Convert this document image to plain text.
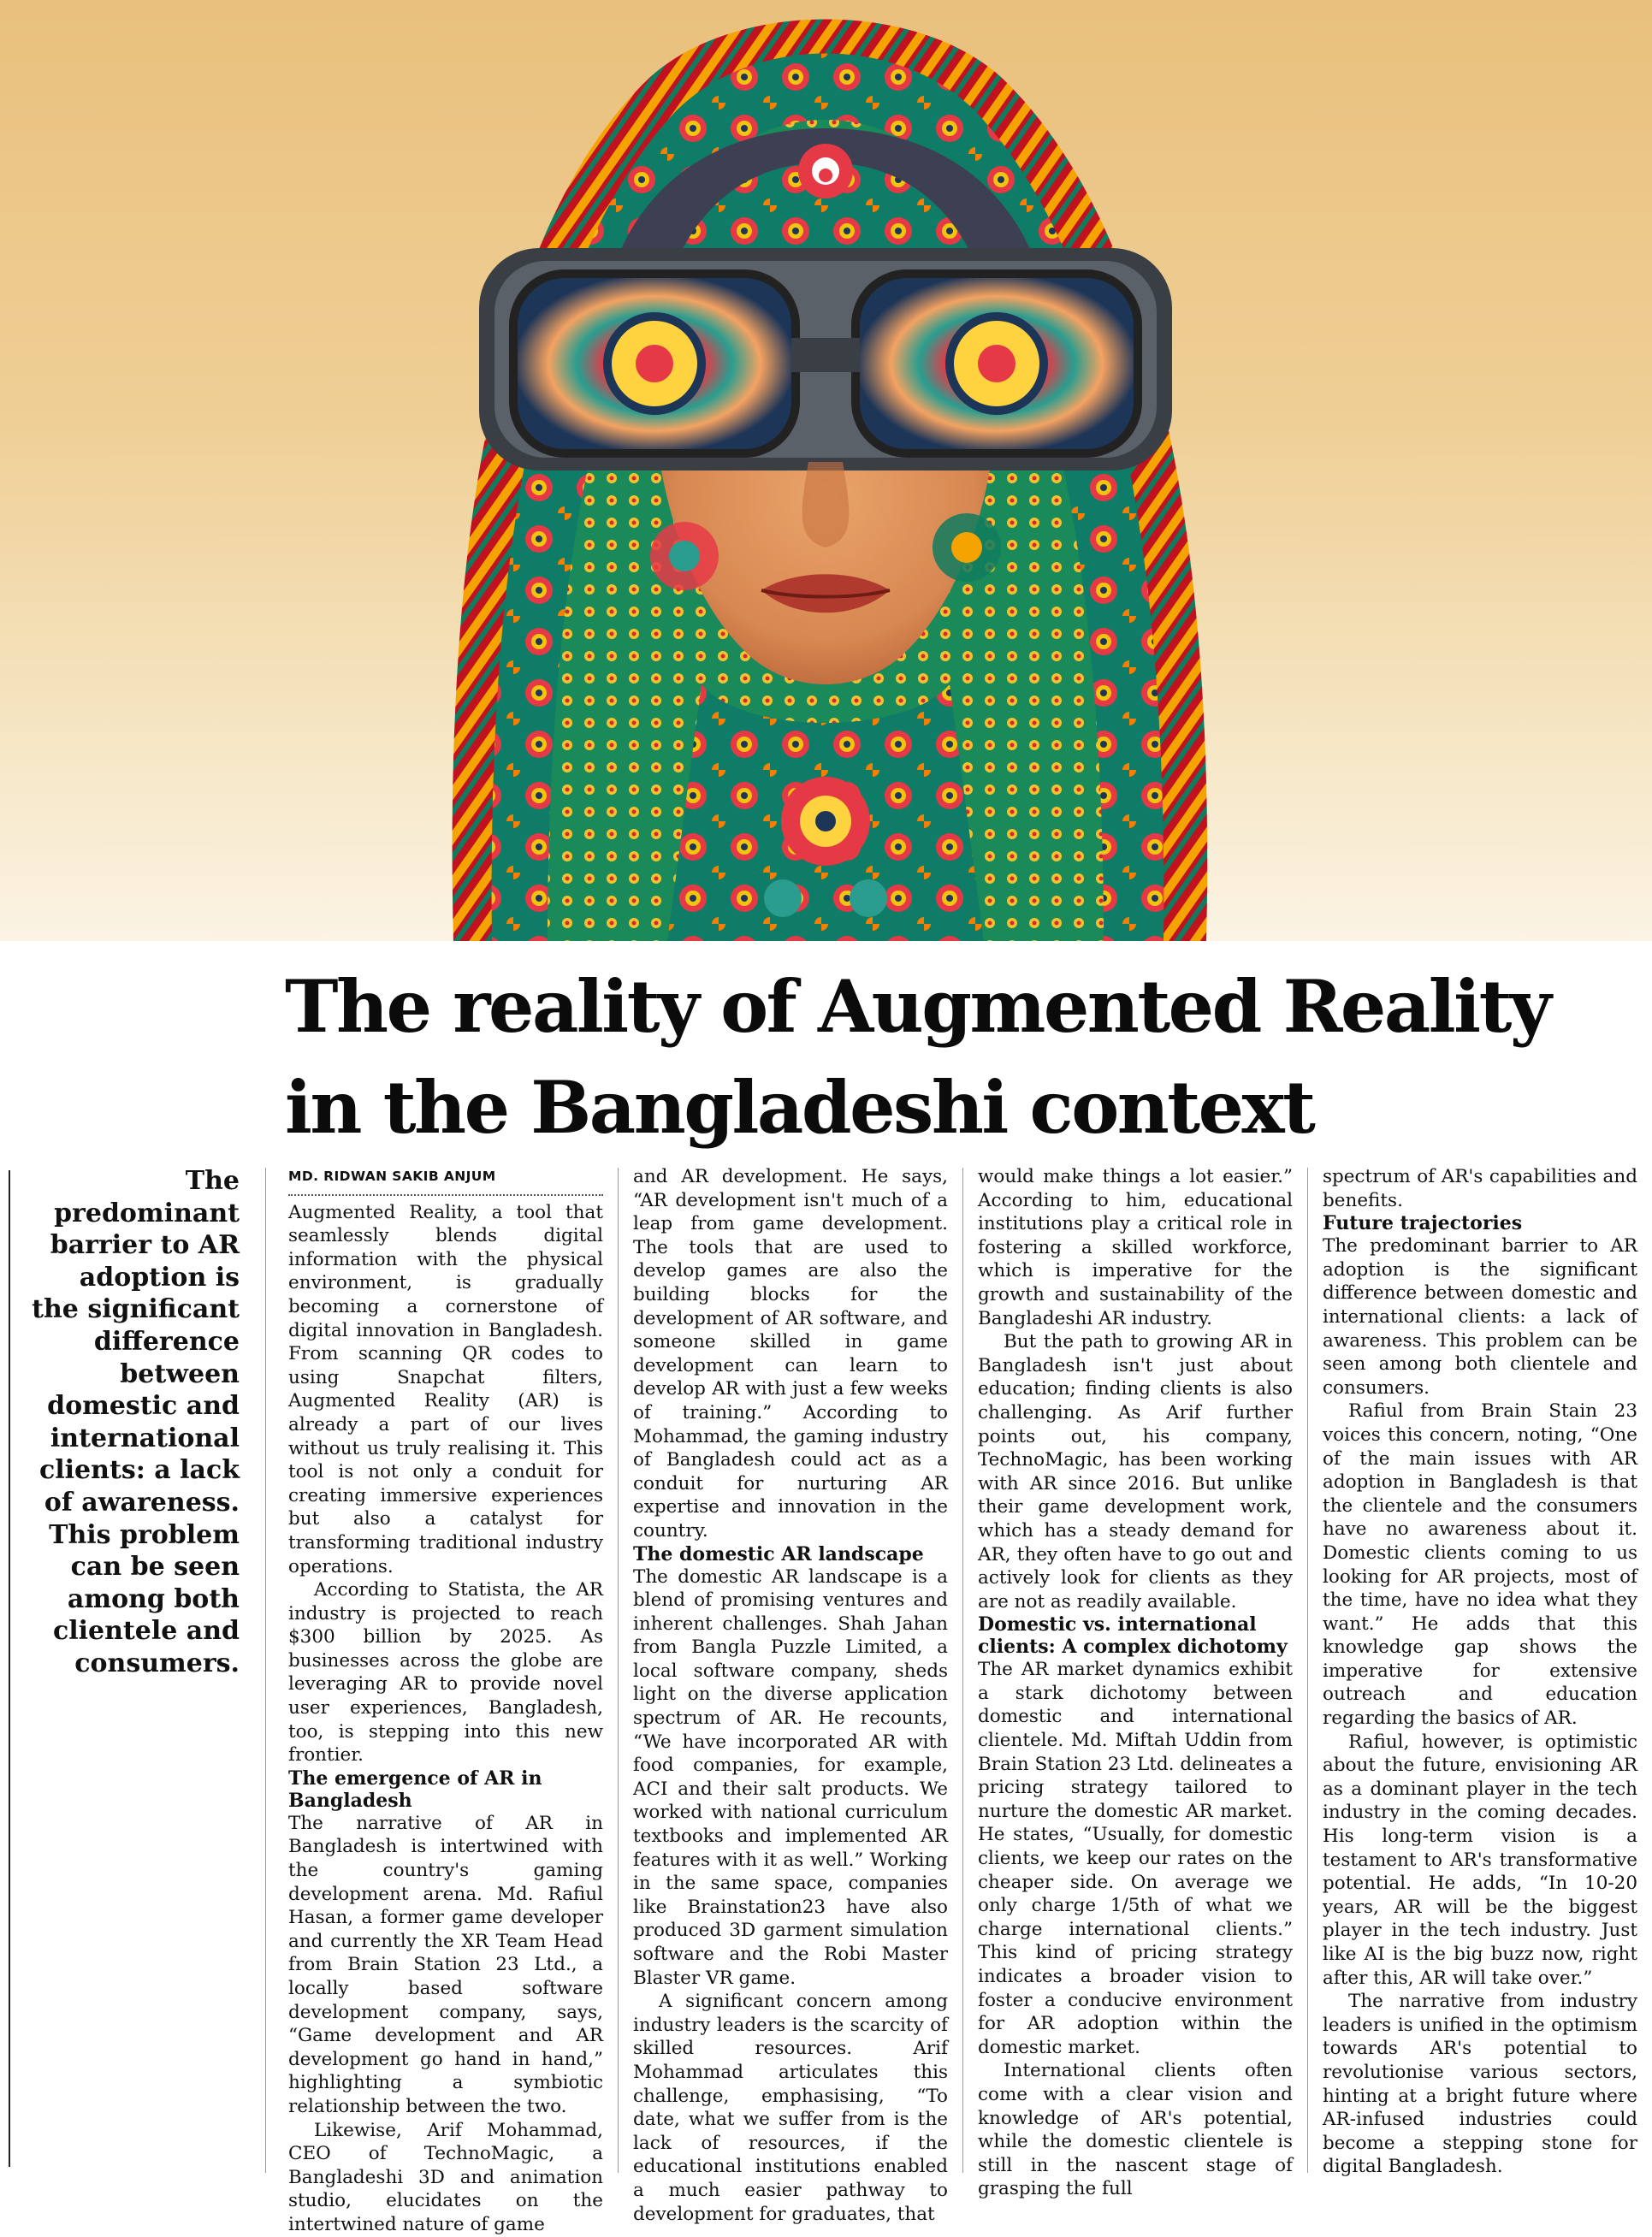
The reality of Augmented Reality
in the Bangladeshi context
The
predominant
barrier to AR
adoption is
the significant
difference
between
domestic and
international
clients: a lack
of awareness.
This problem
can be seen
among both
clientele and
consumers.
MD. RIDWAN SAKIB ANJUM

Augmented Reality, a tool that seamlessly blends digital information with the physical environment, is gradually becoming a cornerstone of digital innovation in Bangladesh. From scanning QR codes to using Snapchat filters, Augmented Reality (AR) is already a part of our lives without us truly realising it. This tool is not only a conduit for creating immersive experiences but also a catalyst for transforming traditional industry operations.

According to Statista, the AR industry is projected to reach $300 billion by 2025. As businesses across the globe are leveraging AR to provide novel user experiences, Bangladesh, too, is stepping into this new frontier.

The emergence of AR in Bangladesh

The narrative of AR in Bangladesh is intertwined with the country's gaming development arena. Md. Rafiul Hasan, a former game developer and currently the XR Team Head from Brain Station 23 Ltd., a locally based software development company, says, “Game development and AR development go hand in hand,” highlighting a symbiotic relationship between the two.

Likewise, Arif Mohammad, CEO of TechnoMagic, a Bangladeshi 3D and animation studio, elucidates on the intertwined nature of game

and AR development. He says, “AR development isn't much of a leap from game development. The tools that are used to develop games are also the building blocks for the development of AR software, and someone skilled in game development can learn to develop AR with just a few weeks of training.” According to Mohammad, the gaming industry of Bangladesh could act as a conduit for nurturing AR expertise and innovation in the country.

The domestic AR landscape

The domestic AR landscape is a blend of promising ventures and inherent challenges. Shah Jahan from Bangla Puzzle Limited, a local software company, sheds light on the diverse application spectrum of AR. He recounts, “We have incorporated AR with food companies, for example, ACI and their salt products. We worked with national curriculum textbooks and implemented AR features with it as well.” Working in the same space, companies like Brainstation23 have also produced 3D garment simulation software and the Robi Master Blaster VR game.

A significant concern among industry leaders is the scarcity of skilled resources. Arif Mohammad articulates this challenge, emphasising, “To date, what we suffer from is the lack of resources, if the educational institutions enabled a much easier pathway to development for graduates, that

would make things a lot easier.” According to him, educational institutions play a critical role in fostering a skilled workforce, which is imperative for the growth and sustainability of the Bangladeshi AR industry.

But the path to growing AR in Bangladesh isn't just about education; finding clients is also challenging. As Arif further points out, his company, TechnoMagic, has been working with AR since 2016. But unlike their game development work, which has a steady demand for AR, they often have to go out and actively look for clients as they are not as readily available.

Domestic vs. international clients: A complex dichotomy

The AR market dynamics exhibit a stark dichotomy between domestic and international clientele. Md. Miftah Uddin from Brain Station 23 Ltd. delineates a pricing strategy tailored to nurture the domestic AR market. He states, “Usually, for domestic clients, we keep our rates on the cheaper side. On average we only charge 1/5th of what we charge international clients.” This kind of pricing strategy indicates a broader vision to foster a conducive environment for AR adoption within the domestic market.

International clients often come with a clear vision and knowledge of AR's potential, while the domestic clientele is still in the nascent stage of grasping the full

spectrum of AR's capabilities and benefits.

Future trajectories

The predominant barrier to AR adoption is the significant difference between domestic and international clients: a lack of awareness. This problem can be seen among both clientele and consumers.

Rafiul from Brain Stain 23 voices this concern, noting, “One of the main issues with AR adoption in Bangladesh is that the clientele and the consumers have no awareness about it. Domestic clients coming to us looking for AR projects, most of the time, have no idea what they want.” He adds that this knowledge gap shows the imperative for extensive outreach and education regarding the basics of AR.

Rafiul, however, is optimistic about the future, envisioning AR as a dominant player in the tech industry in the coming decades. His long-term vision is a testament to AR's transformative potential. He adds, “In 10-20 years, AR will be the biggest player in the tech industry. Just like AI is the big buzz now, right after this, AR will take over.”

The narrative from industry leaders is unified in the optimism towards AR's potential to revolutionise various sectors, hinting at a bright future where AR-infused industries could become a stepping stone for digital Bangladesh.
